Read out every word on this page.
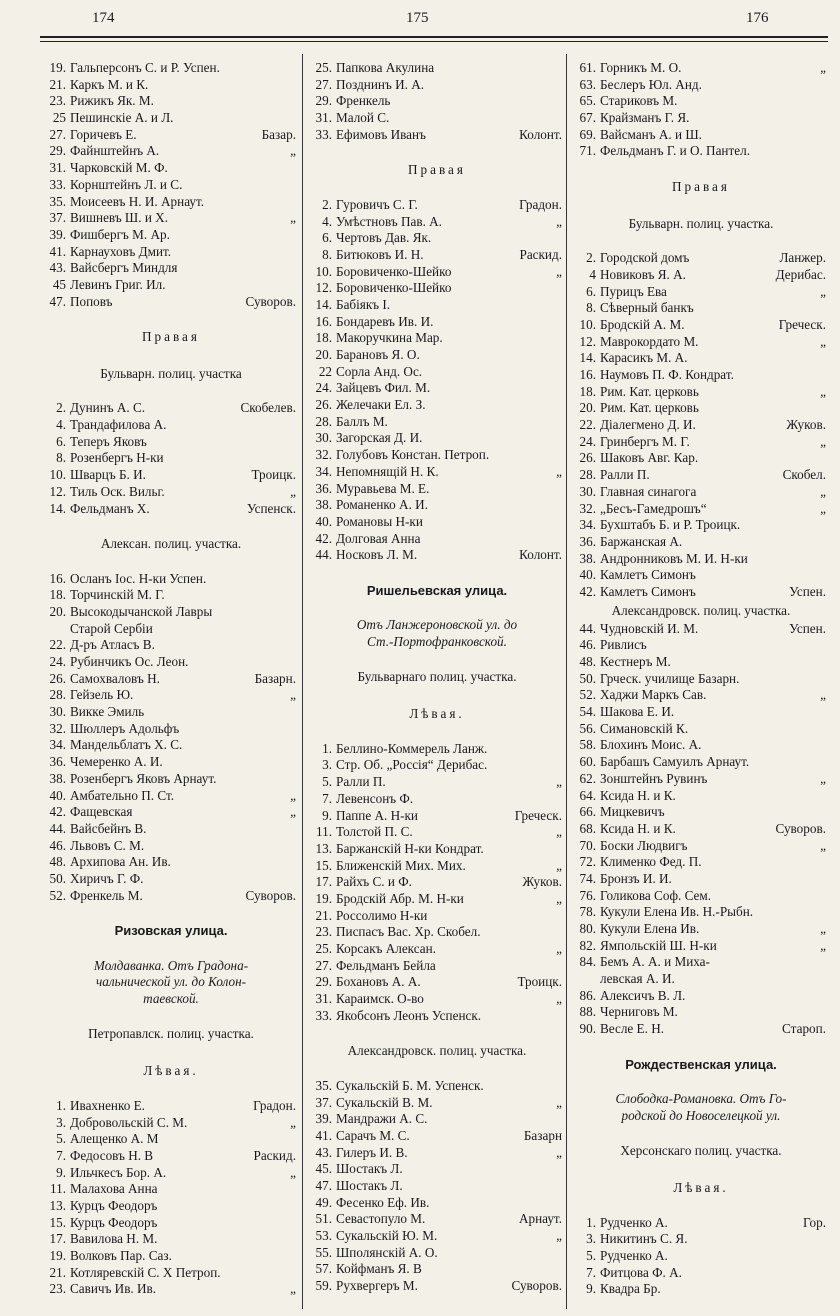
174	175	176
19. Гальперсонъ С. и Р. Успен.
21. Каркъ М. и К.
23. Рижикъ Як. М.
25 Пешинскіе А. и Л.
27. Горичевъ Е.	Базар.
29. Файнштейнъ А.	„
31. Чарковскій М. Ф.
33. Корнштейнъ Л. и С.
35. Моисеевъ Н. И. Арнаут.
37. Вишневъ Ш. и Х.	„
39. Фишбергъ М. Ар.
41. Карнауховъ Дмит.
43. Вайсбергъ Миндля
45 Левинъ Григ. Ил.
47. Поповъ	Суворов.
Правая
Бульварн. полиц. участка
2. Дунинъ А. С.	Скобелев.
4. Трандафилова А.
6. Теперъ Яковъ
8. Розенбергъ Н-ки
10. Шварцъ Б. И.	Троицк.
12. Тиль Оск. Вильг.	„
14. Фельдманъ Х.	Успенск.
Алексан. полиц. участка.
16. Осланъ Іос. Н-ки Успен.
18. Торчинскій М. Г.
20. Высокодычанской Лавры
Старой Сербіи
22. Д-ръ Атласъ В.
24. Рубинчикъ Ос. Леон.
26. Самохваловъ Н.	Базарн.
28. Гейзель Ю.	„
30. Викке Эмиль
32. Шюллеръ Адольфъ
34. Мандельблатъ Х. С.
36. Чемеренко А. И.
38. Розенбергъ Яковъ Арнаут.
40. Амбательно П. Ст.	„
42. Фащевская	„
44. Вайсбейнъ В.
46. Львовъ С. М.
48. Архипова Ан. Ив.
50. Хиричъ Г. Ф.
52. Френкель М.	Суворов.
Ризовская улица.
Молдаванка. Отъ Градона-
чальнической ул. до Колон-
таевской.
Петропавлск. полиц. участка.
Лѣвая.
1. Ивахненко Е.	Градон.
3. Добровольскій С. М.	„
5. Алещенко А. М
7. Федосовъ Н. В	Раскид.
9. Ильчкесъ Бор. А.	„
11. Малахова Анна
13. Курцъ Феодоръ
15. Курцъ Феодоръ
17. Вавилова Н. М.
19. Волковъ Пар. Саз.
21. Котляревскій С. Х Петроп.
23. Савичъ Ив. Ив.	„
25. Папкова Акулина
27. Позднинъ И. А.
29. Френкель
31. Малой С.
33. Ефимовъ Иванъ	Колонт.
Правая
2. Гуровичъ С. Г.	Градон.
4. Умѣстновъ Пав. А.	„
6. Чертовъ Дав. Як.
8. Битюковъ И. Н.	Раскид.
10. Боровиченко-Шейко	„
12. Боровиченко-Шейко
14. Бабіякъ І.
16. Бондаревъ Ив. И.
18. Макоручкина Мар.
20. Барановъ Я. О.
22 Сорла Анд. Ос.
24. Зайцевъ Фил. М.
26. Желечаки Ел. З.
28. Баллъ М.
30. Загорская Д. И.
32. Голубовъ Констан. Петроп.
34. Непомнящій Н. К.	„
36. Муравьева М. Е.
38. Романенко А. И.
40. Романовы Н-ки
42. Долговая Анна
44. Носковъ Л. М.	Колонт.
Ришельевская улица.
Отъ Ланжероновской ул. до
Ст.-Портофранковской.
Бульварнаго полиц. участка.
Лѣвая.
1. Беллино-Коммерель Ланж.
3. Стр. Об. „Россія“ Дерибас.
5. Ралли П.	„
7. Левенсонъ Ф.
9. Паппе А. Н-ки	Греческ.
11. Толстой П. С.	„
13. Баржанскій Н-ки Кондрат.
15. Ближенскій Мих. Мих.	„
17. Райхъ С. и Ф.	Жуков.
19. Бродскій Абр. М. Н-ки	„
21. Россолимо Н-ки
23. Писпасъ Вас. Хр. Скобел.
25. Корсакъ Алексан.	„
27. Фельдманъ Бейла
29. Бохановъ А. А.	Троицк.
31. Караимск. О-во	„
33. Якобсонъ Леонъ Успенск.
Александровск. полиц. участка.
35. Сукальскій Б. М. Успенск.
37. Сукальскій В. М.	„
39. Мандражи А. С.
41. Сарачъ М. С.	Базарн
43. Гилеръ И. В.	„
45. Шостакъ Л.
47. Шостакъ Л.
49. Фесенко Еф. Ив.
51. Севастопуло М.	Арнаут.
53. Сукальскій Ю. М.	„
55. Шполянскій А. О.
57. Койфманъ Я. В
59. Рухвергеръ М.	Суворов.
61. Горникъ М. О.	„
63. Беслеръ Юл. Анд.
65. Стариковъ М.
67. Крайзманъ Г. Я.
69. Вайсманъ А. и Ш.
71. Фельдманъ Г. и О. Пантел.
Правая
Бульварн. полиц. участка.
2. Городской домъ	Ланжер.
4 Новиковъ Я. А.	Дерибас.
6. Пурицъ Ева	„
8. Сѣверный банкъ
10. Бродскій А. М.	Греческ.
12. Маврокордато М.	„
14. Карасикъ М. А.
16. Наумовъ П. Ф. Кондрат.
18. Рим. Кат. церковь	„
20. Рим. Кат. церковь
22. Діалегмено Д. И.	Жуков.
24. Гринбергъ М. Г.	„
26. Шаковъ Авг. Кар.
28. Ралли П.	Скобел.
30. Главная синагога	„
32. „Бесъ-Гамедрошъ“	„
34. Бухштабъ Б. и Р. Троицк.
36. Баржанская А.
38. Андронниковъ М. И. Н-ки
40. Камлетъ Симонъ
42. Камлетъ Симонъ	Успен.
Александровск. полиц. участка.
44. Чудновскій И. М.	Успен.
46. Ривлисъ
48. Кестнеръ М.
50. Грческ. училище Базарн.
52. Хаджи Маркъ Сав.	„
54. Шакова Е. И.
56. Симановскій К.
58. Блохинъ Моис. А.
60. Барбашъ Самуилъ Арнаут.
62. Зонштейнъ Рувинъ	„
64. Ксида Н. и К.
66. Мицкевичъ
68. Ксида Н. и К.	Суворов.
70. Боски Людвигъ	„
72. Клименко Фед. П.
74. Бронзъ И. И.
76. Голикова Соф. Сем.
78. Кукули Елена Ив. Н.-Рыбн.
80. Кукули Елена Ив.	„
82. Ямпольскій Ш. Н-ки	„
84. Бемъ А. А. и Миха-
левская А. И.
86. Алексичъ В. Л.
88. Черниговъ М.
90. Весле Е. Н.	Староп.
Рождественская улица.
Слободка-Романовка. Отъ Го-
родской до Новоселецкой ул.
Херсонскаго полиц. участка.
Лѣвая.
1. Рудченко А.	Гор.
3. Никитинъ С. Я.
5. Рудченко А.
7. Фитцова Ф. А.
9. Квадра Бр.
